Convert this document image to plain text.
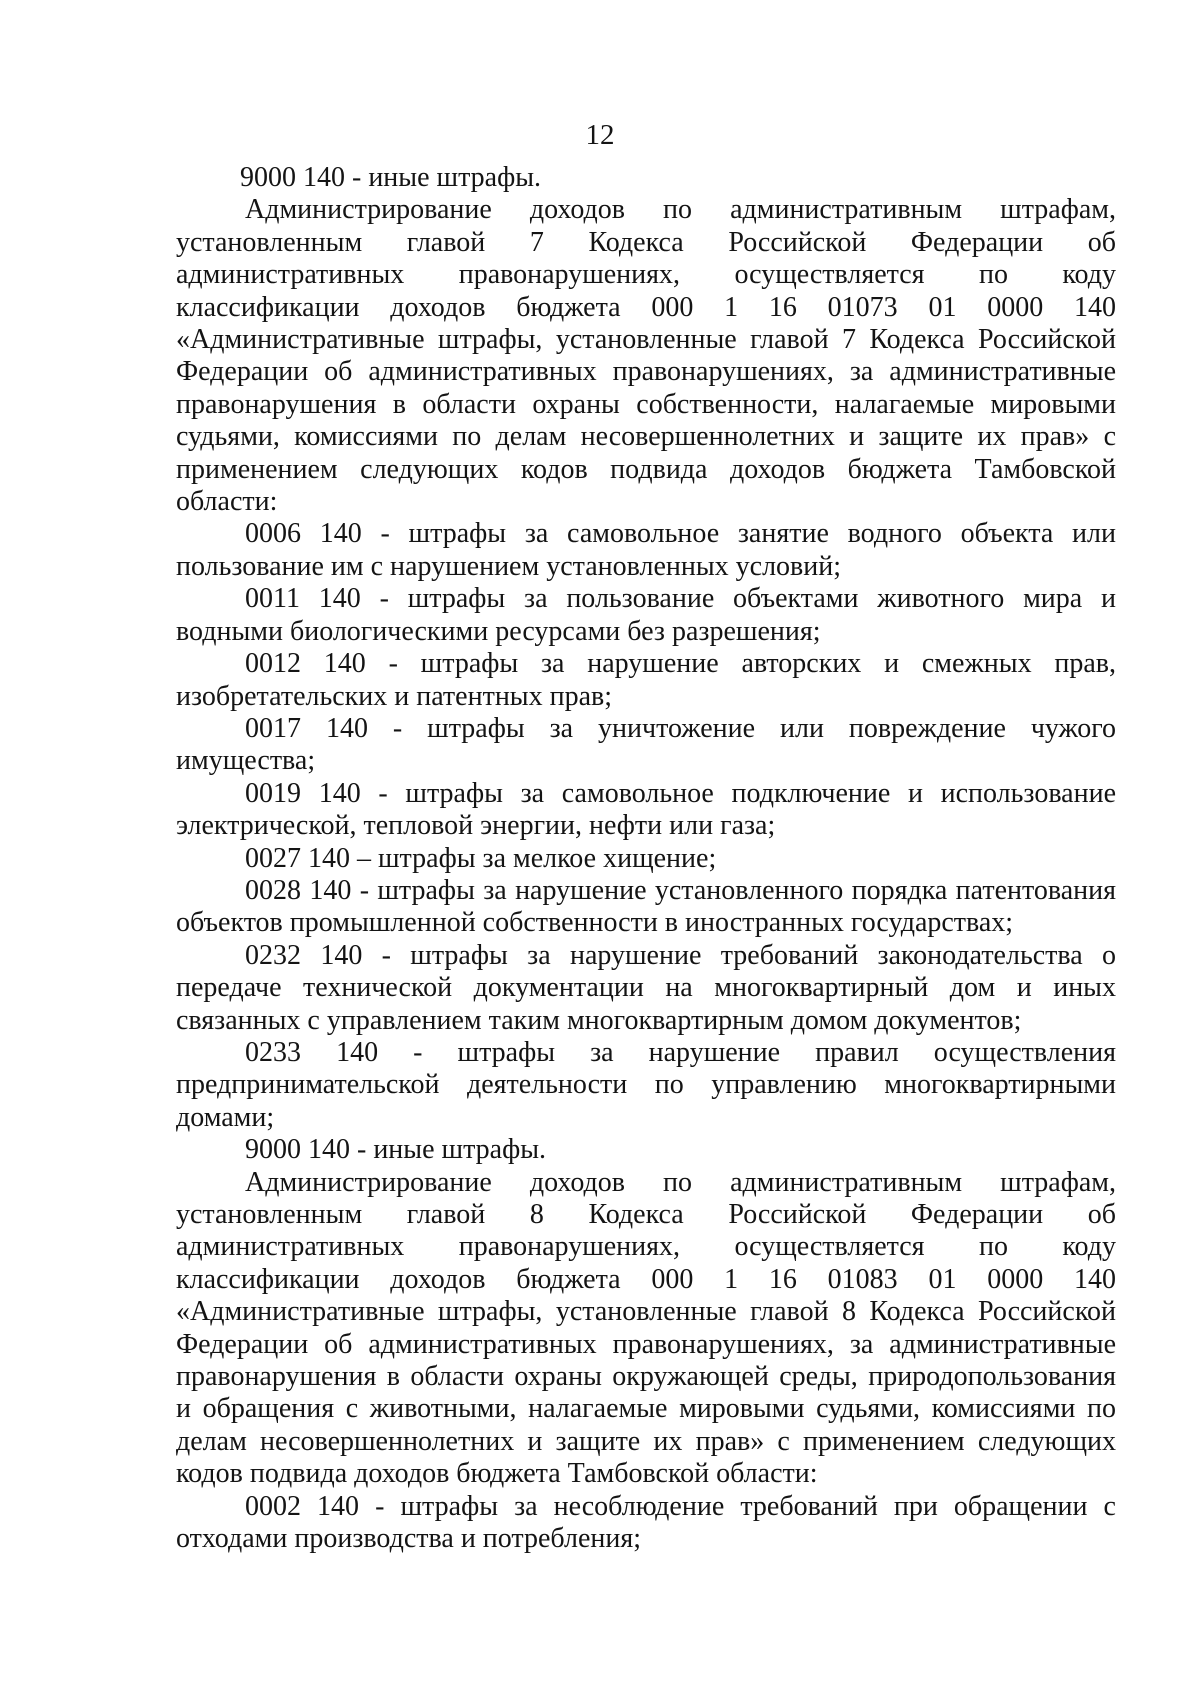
12

9000 140 - иные штрафы.

Администрирование доходов по административным штрафам, установленным главой 7 Кодекса Российской Федерации об административных правонарушениях, осуществляется по коду классификации доходов бюджета 000 1 16 01073 01 0000 140 «Административные штрафы, установленные главой 7 Кодекса Российской Федерации об административных правонарушениях, за административные правонарушения в области охраны собственности, налагаемые мировыми судьями, комиссиями по делам несовершеннолетних и защите их прав» с применением следующих кодов подвида доходов бюджета Тамбовской области:

0006 140 - штрафы за самовольное занятие водного объекта или пользование им с нарушением установленных условий;

0011 140 - штрафы за пользование объектами животного мира и водными биологическими ресурсами без разрешения;

0012 140 - штрафы за нарушение авторских и смежных прав, изобретательских и патентных прав;

0017 140 - штрафы за уничтожение или повреждение чужого имущества;

0019 140 - штрафы за самовольное подключение и использование электрической, тепловой энергии, нефти или газа;

0027 140 – штрафы за мелкое хищение;

0028 140 - штрафы за нарушение установленного порядка патентования объектов промышленной собственности в иностранных государствах;

0232 140 - штрафы за нарушение требований законодательства о передаче технической документации на многоквартирный дом и иных связанных с управлением таким многоквартирным домом документов;

0233 140 - штрафы за нарушение правил осуществления предпринимательской деятельности по управлению многоквартирными домами;

9000 140 - иные штрафы.

Администрирование доходов по административным штрафам, установленным главой 8 Кодекса Российской Федерации об административных правонарушениях, осуществляется по коду классификации доходов бюджета 000 1 16 01083 01 0000 140 «Административные штрафы, установленные главой 8 Кодекса Российской Федерации об административных правонарушениях, за административные правонарушения в области охраны окружающей среды, природопользования и обращения с животными, налагаемые мировыми судьями, комиссиями по делам несовершеннолетних и защите их прав» с применением следующих кодов подвида доходов бюджета Тамбовской области:

0002 140 - штрафы за несоблюдение требований при обращении с отходами производства и потребления;
